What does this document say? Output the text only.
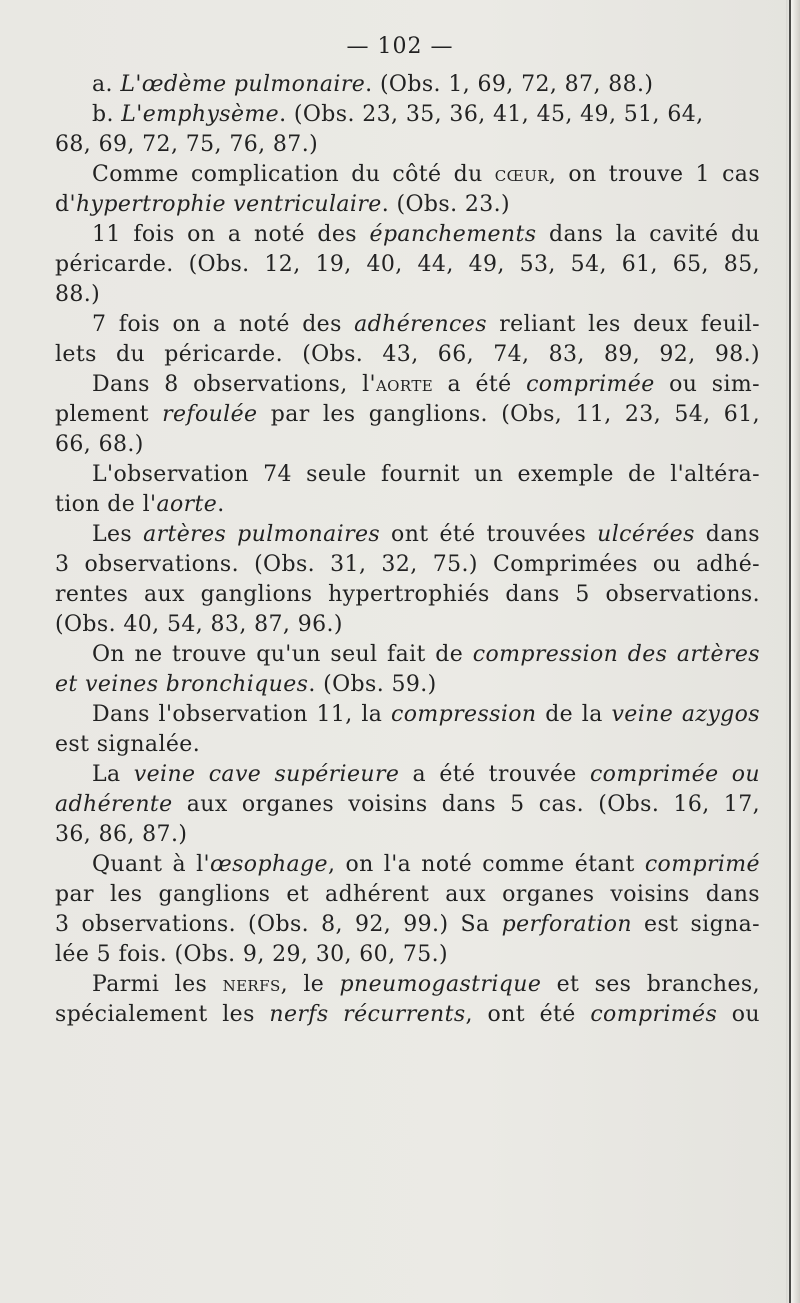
— 102 —
a. L'œdème pulmonaire. (Obs. 1, 69, 72, 87, 88.)
b. L'emphysème. (Obs. 23, 35, 36, 41, 45, 49, 51, 64,
68, 69, 72, 75, 76, 87.)
Comme complication du côté du cœur, on trouve 1 cas
d'hypertrophie ventriculaire. (Obs. 23.)
11 fois on a noté des épanchements dans la cavité du
péricarde. (Obs. 12, 19, 40, 44, 49, 53, 54, 61, 65, 85,
88.)
7 fois on a noté des adhérences reliant les deux feuil-
lets du péricarde. (Obs. 43, 66, 74, 83, 89, 92, 98.)
Dans 8 observations, l'aorte a été comprimée ou sim-
plement refoulée par les ganglions. (Obs, 11, 23, 54, 61,
66, 68.)
L'observation 74 seule fournit un exemple de l'altéra-
tion de l'aorte.
Les artères pulmonaires ont été trouvées ulcérées dans
3 observations. (Obs. 31, 32, 75.) Comprimées ou adhé-
rentes aux ganglions hypertrophiés dans 5 observations.
(Obs. 40, 54, 83, 87, 96.)
On ne trouve qu'un seul fait de compression des artères
et veines bronchiques. (Obs. 59.)
Dans l'observation 11, la compression de la veine azygos
est signalée.
La veine cave supérieure a été trouvée comprimée ou
adhérente aux organes voisins dans 5 cas. (Obs. 16, 17,
36, 86, 87.)
Quant à l'œsophage, on l'a noté comme étant comprimé
par les ganglions et adhérent aux organes voisins dans
3 observations. (Obs. 8, 92, 99.) Sa perforation est signa-
lée 5 fois. (Obs. 9, 29, 30, 60, 75.)
Parmi les nerfs, le pneumogastrique et ses branches,
spécialement les nerfs récurrents, ont été comprimés ou
